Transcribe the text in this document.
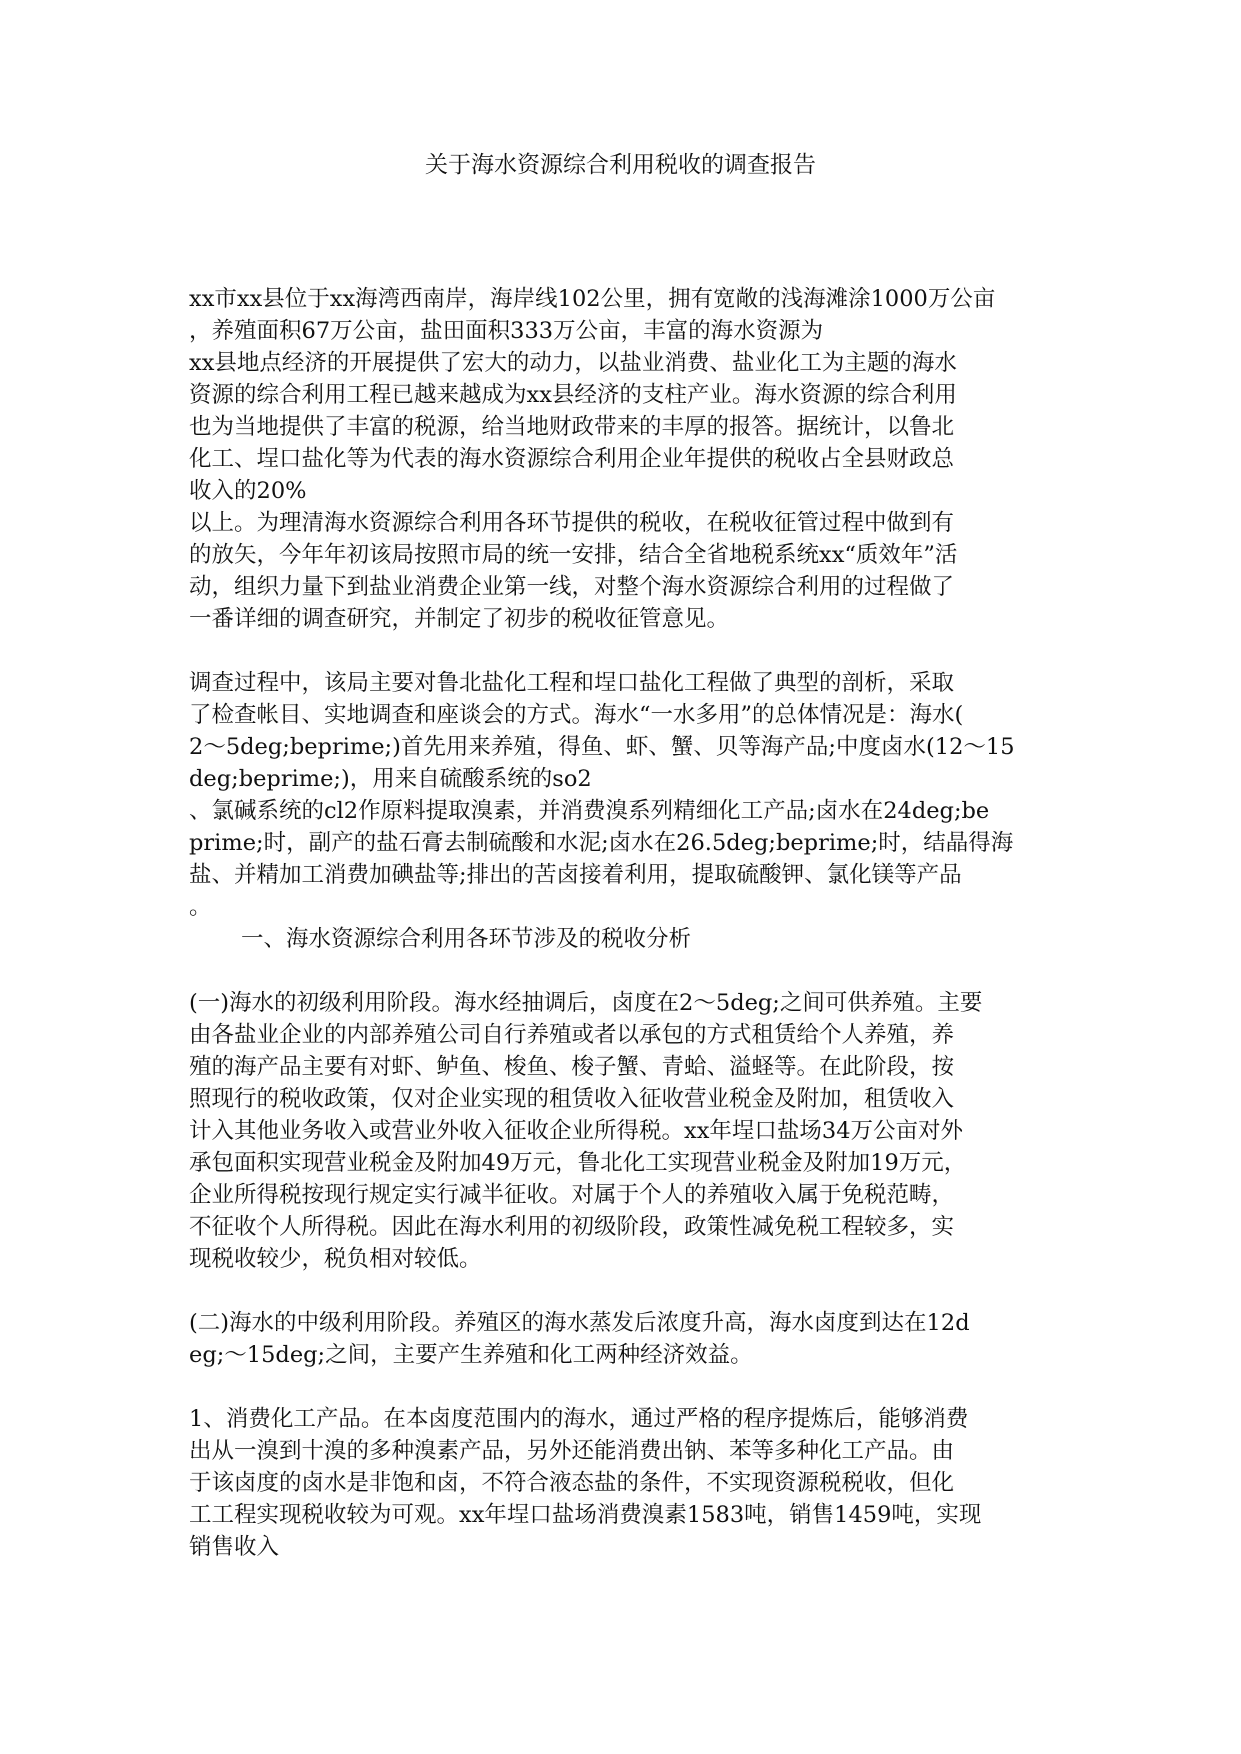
关于海水资源综合利用税收的调查报告
xx市xx县位于xx海湾西南岸，海岸线102公里，拥有宽敞的浅海滩涂1000万公亩
，养殖面积67万公亩，盐田面积333万公亩，丰富的海水资源为
xx县地点经济的开展提供了宏大的动力，以盐业消费、盐业化工为主题的海水
资源的综合利用工程已越来越成为xx县经济的支柱产业。海水资源的综合利用
也为当地提供了丰富的税源，给当地财政带来的丰厚的报答。据统计，以鲁北
化工、埕口盐化等为代表的海水资源综合利用企业年提供的税收占全县财政总
收入的20%
以上。为理清海水资源综合利用各环节提供的税收，在税收征管过程中做到有
的放矢，今年年初该局按照市局的统一安排，结合全省地税系统xx“质效年”活
动，组织力量下到盐业消费企业第一线，对整个海水资源综合利用的过程做了
一番详细的调查研究，并制定了初步的税收征管意见。
调查过程中，该局主要对鲁北盐化工程和埕口盐化工程做了典型的剖析，采取
了检查帐目、实地调查和座谈会的方式。海水“一水多用”的总体情况是：海水(
2～5deg;beprime;)首先用来养殖，得鱼、虾、蟹、贝等海产品;中度卤水(12～15
deg;beprime;)，用来自硫酸系统的so2
、氯碱系统的cl2作原料提取溴素，并消费溴系列精细化工产品;卤水在24deg;be
prime;时，副产的盐石膏去制硫酸和水泥;卤水在26.5deg;beprime;时，结晶得海
盐、并精加工消费加碘盐等;排出的苦卤接着利用，提取硫酸钾、氯化镁等产品
。
一、海水资源综合利用各环节涉及的税收分析
(一)海水的初级利用阶段。海水经抽调后，卤度在2～5deg;之间可供养殖。主要
由各盐业企业的内部养殖公司自行养殖或者以承包的方式租赁给个人养殖，养
殖的海产品主要有对虾、鲈鱼、梭鱼、梭子蟹、青蛤、溢蛏等。在此阶段，按
照现行的税收政策，仅对企业实现的租赁收入征收营业税金及附加，租赁收入
计入其他业务收入或营业外收入征收企业所得税。xx年埕口盐场34万公亩对外
承包面积实现营业税金及附加49万元，鲁北化工实现营业税金及附加19万元，
企业所得税按现行规定实行减半征收。对属于个人的养殖收入属于免税范畴，
不征收个人所得税。因此在海水利用的初级阶段，政策性减免税工程较多，实
现税收较少，税负相对较低。
(二)海水的中级利用阶段。养殖区的海水蒸发后浓度升高，海水卤度到达在12d
eg;～15deg;之间，主要产生养殖和化工两种经济效益。
1、消费化工产品。在本卤度范围内的海水，通过严格的程序提炼后，能够消费
出从一溴到十溴的多种溴素产品，另外还能消费出钠、苯等多种化工产品。由
于该卤度的卤水是非饱和卤，不符合液态盐的条件，不实现资源税税收，但化
工工程实现税收较为可观。xx年埕口盐场消费溴素1583吨，销售1459吨，实现
销售收入
